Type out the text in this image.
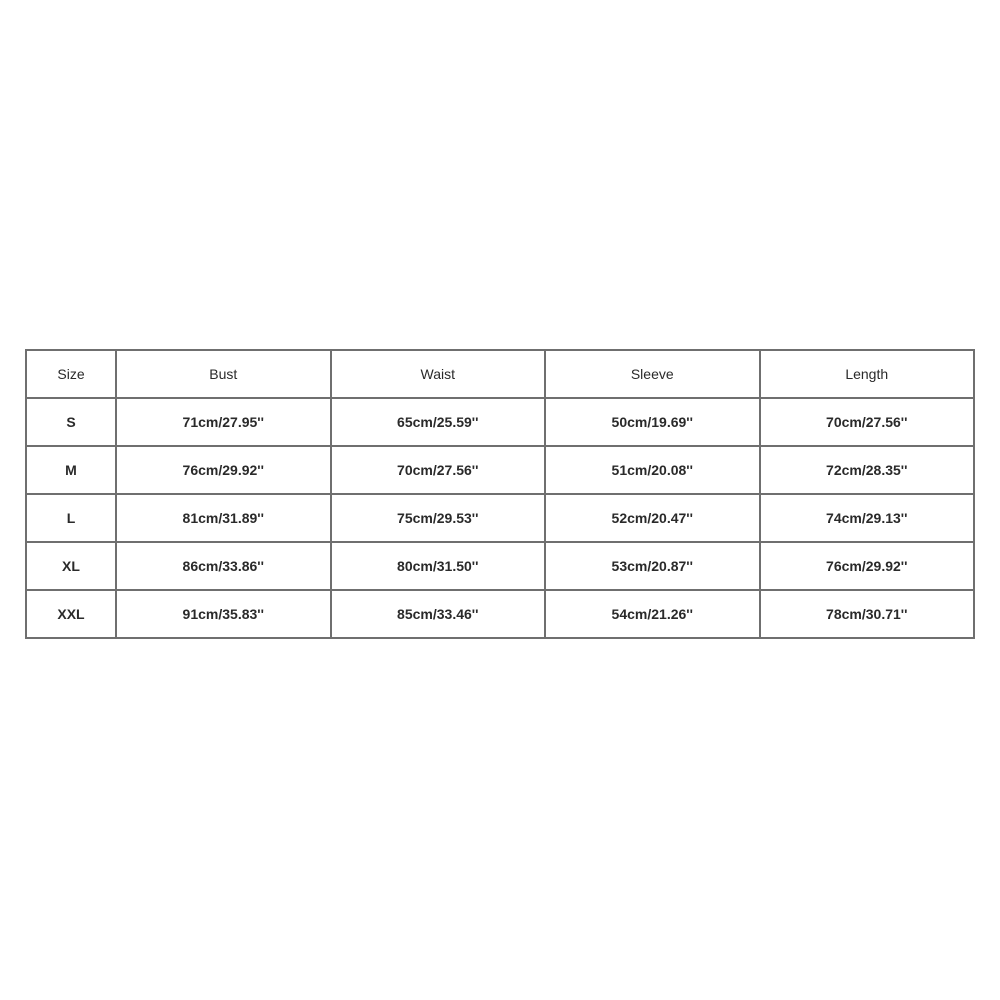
Size	Bust	Waist	Sleeve	Length
S	71cm/27.95''	65cm/25.59''	50cm/19.69''	70cm/27.56''
M	76cm/29.92''	70cm/27.56''	51cm/20.08''	72cm/28.35''
L	81cm/31.89''	75cm/29.53''	52cm/20.47''	74cm/29.13''
XL	86cm/33.86''	80cm/31.50''	53cm/20.87''	76cm/29.92''
XXL	91cm/35.83''	85cm/33.46''	54cm/21.26''	78cm/30.71''
